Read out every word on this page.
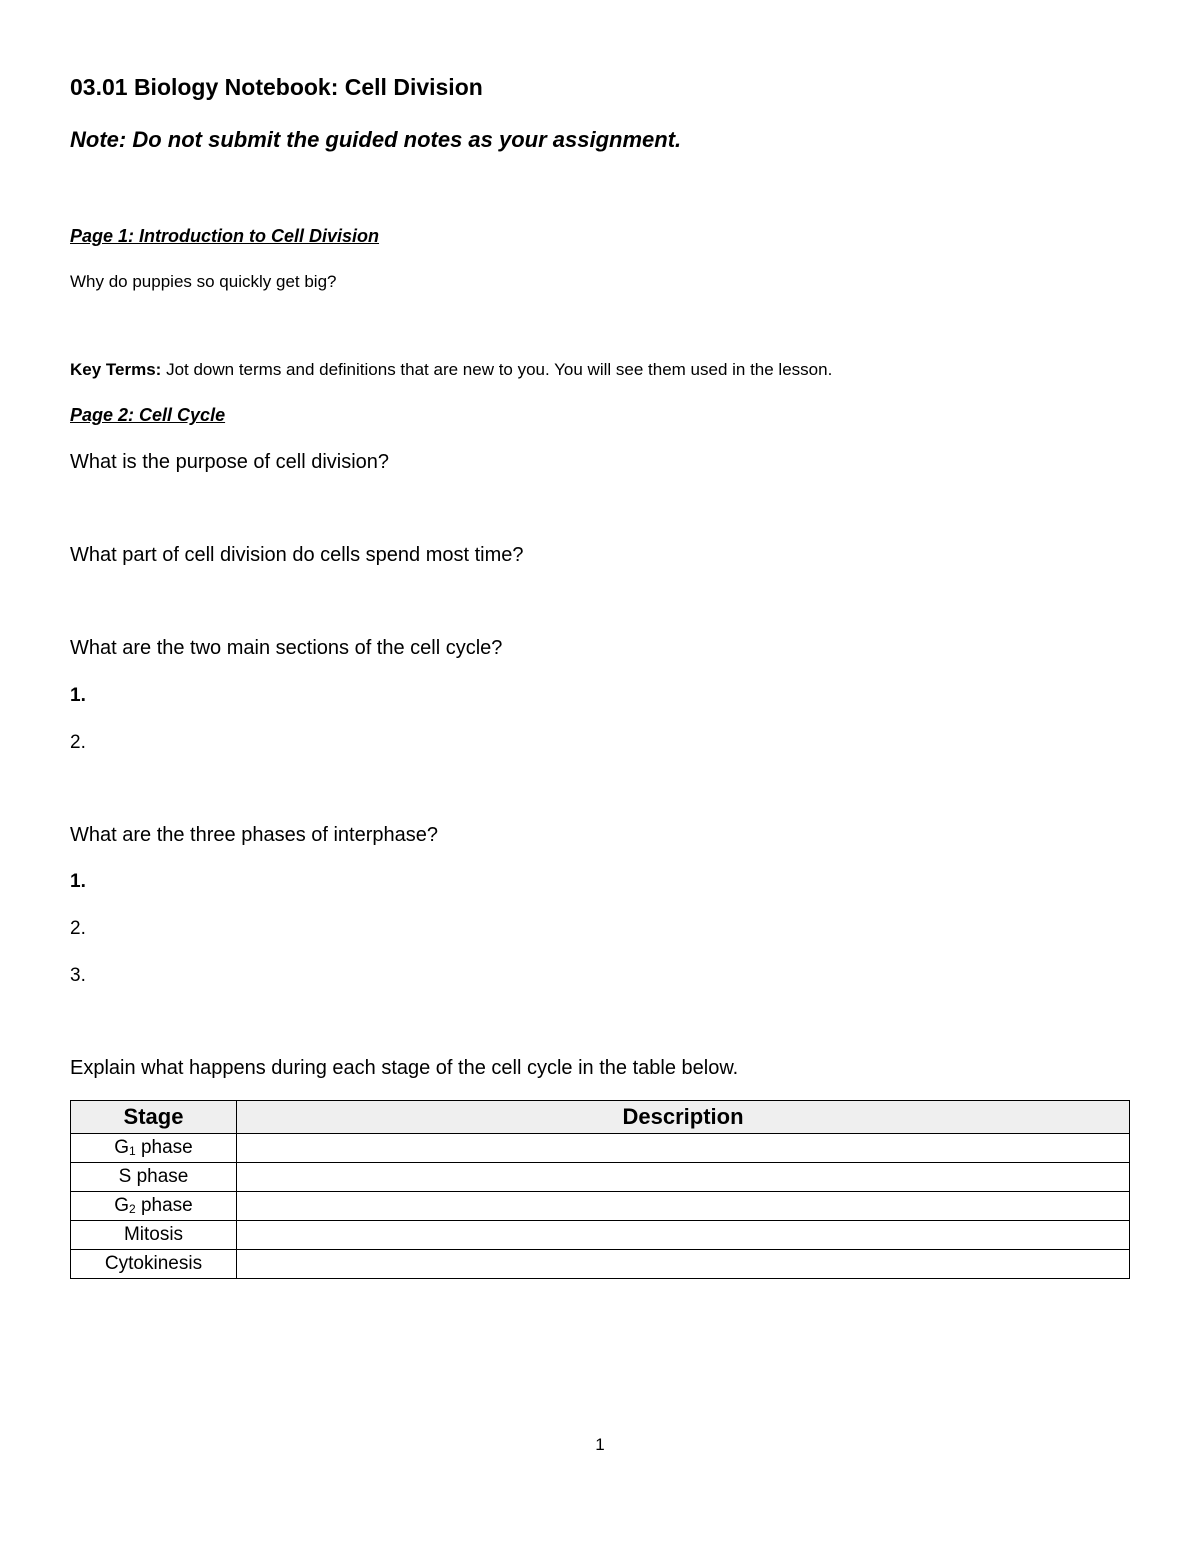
03.01 Biology Notebook: Cell Division
Note: Do not submit the guided notes as your assignment.
Page 1: Introduction to Cell Division
Why do puppies so quickly get big?
Key Terms: Jot down terms and definitions that are new to you. You will see them used in the lesson.
Page 2: Cell Cycle
What is the purpose of cell division?
What part of cell division do cells spend most time?
What are the two main sections of the cell cycle?
1.
2.
What are the three phases of interphase?
1.
2.
3.
Explain what happens during each stage of the cell cycle in the table below.
Stage	Description
G1 phase	
S phase	
G2 phase	
Mitosis	
Cytokinesis	
1
